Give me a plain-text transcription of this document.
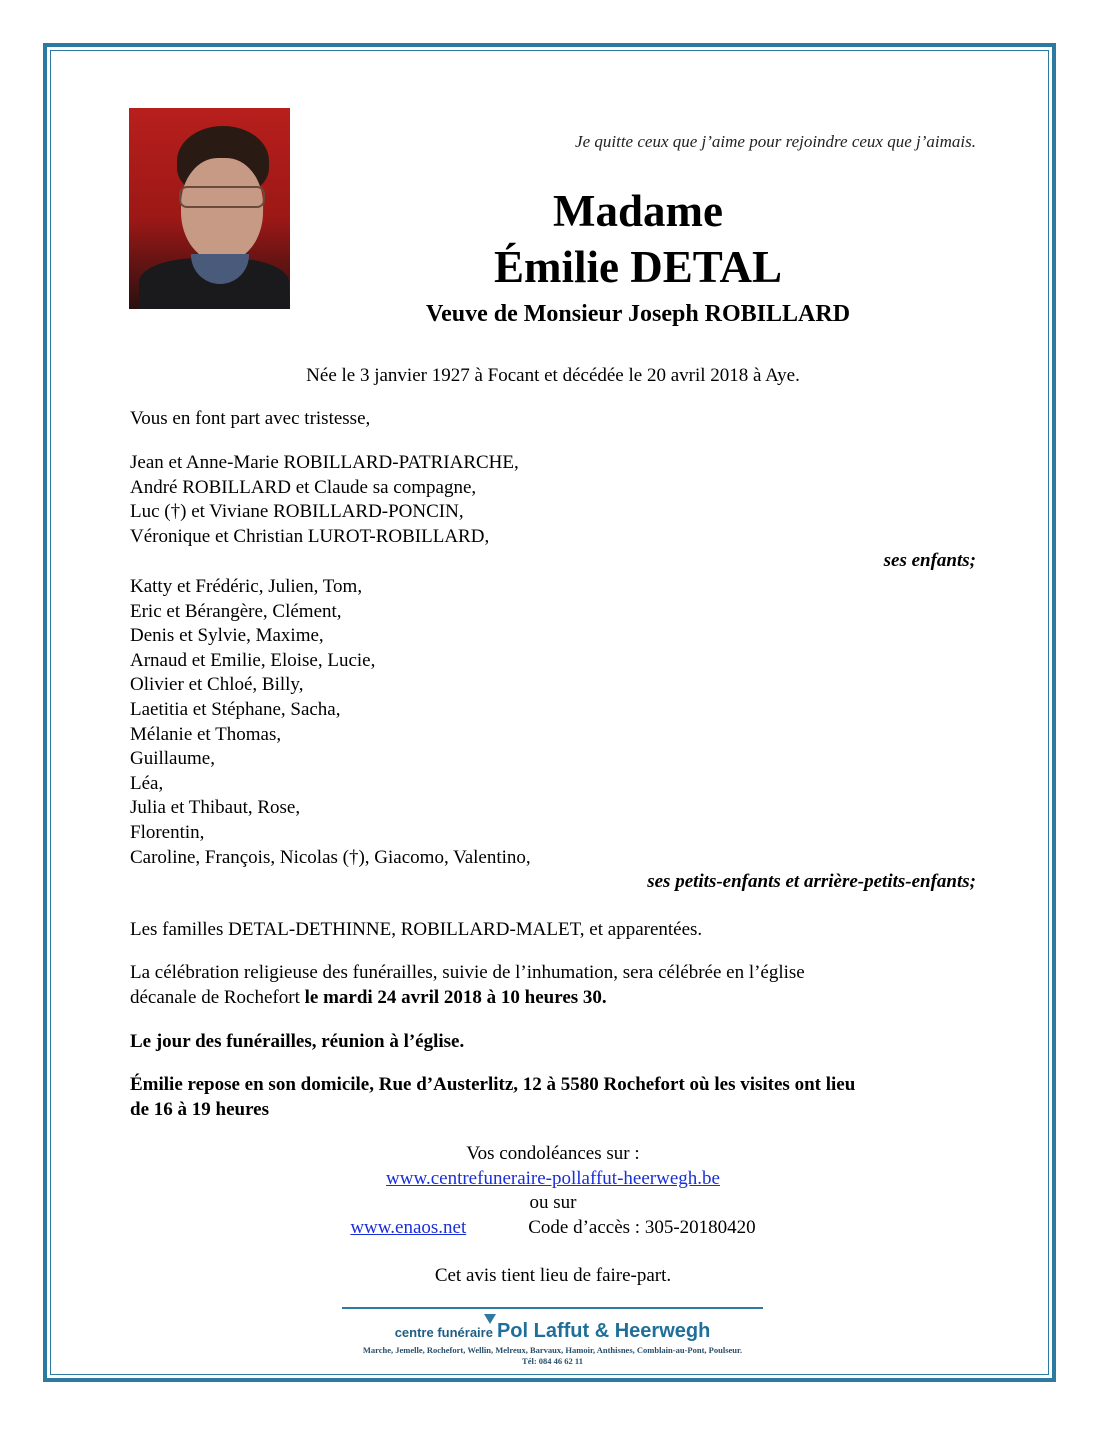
Je quitte ceux que j’aime pour rejoindre ceux que j’aimais.
Madame
Émilie DETAL
Veuve de Monsieur Joseph ROBILLARD
Née le 3 janvier 1927 à Focant et décédée le 20 avril 2018 à Aye.
Vous en font part avec tristesse,
Jean et Anne-Marie ROBILLARD-PATRIARCHE,
André ROBILLARD et Claude sa compagne,
Luc (†) et Viviane ROBILLARD-PONCIN,
Véronique et Christian LUROT-ROBILLARD,
ses enfants;
Katty et Frédéric, Julien, Tom,
Eric et Bérangère, Clément,
Denis et Sylvie, Maxime,
Arnaud et Emilie, Eloise, Lucie,
Olivier et Chloé, Billy,
Laetitia et Stéphane, Sacha,
Mélanie et Thomas,
Guillaume,
Léa,
Julia et Thibaut, Rose,
Florentin,
Caroline, François, Nicolas (†), Giacomo, Valentino,
ses petits-enfants et arrière-petits-enfants;
Les familles DETAL-DETHINNE, ROBILLARD-MALET, et apparentées.
La célébration religieuse des funérailles, suivie de l’inhumation, sera célébrée en l’église
décanale de Rochefort le mardi 24 avril 2018 à 10 heures 30.
Le jour des funérailles, réunion à l’église.
Émilie repose en son domicile, Rue d’Austerlitz, 12 à 5580 Rochefort où les visites ont lieu
de 16 à 19 heures
Vos condoléances sur :
www.centrefuneraire-pollaffut-heerwegh.be
ou sur
www.enaos.net	Code d’accès : 305-20180420
Cet avis tient lieu de faire-part.
centre funéraire Pol Laffut & Heerwegh
Marche, Jemelle, Rochefort, Wellin, Melreux, Barvaux, Hamoir, Anthisnes, Comblain-au-Pont, Poulseur.
Tél: 084 46 62 11
